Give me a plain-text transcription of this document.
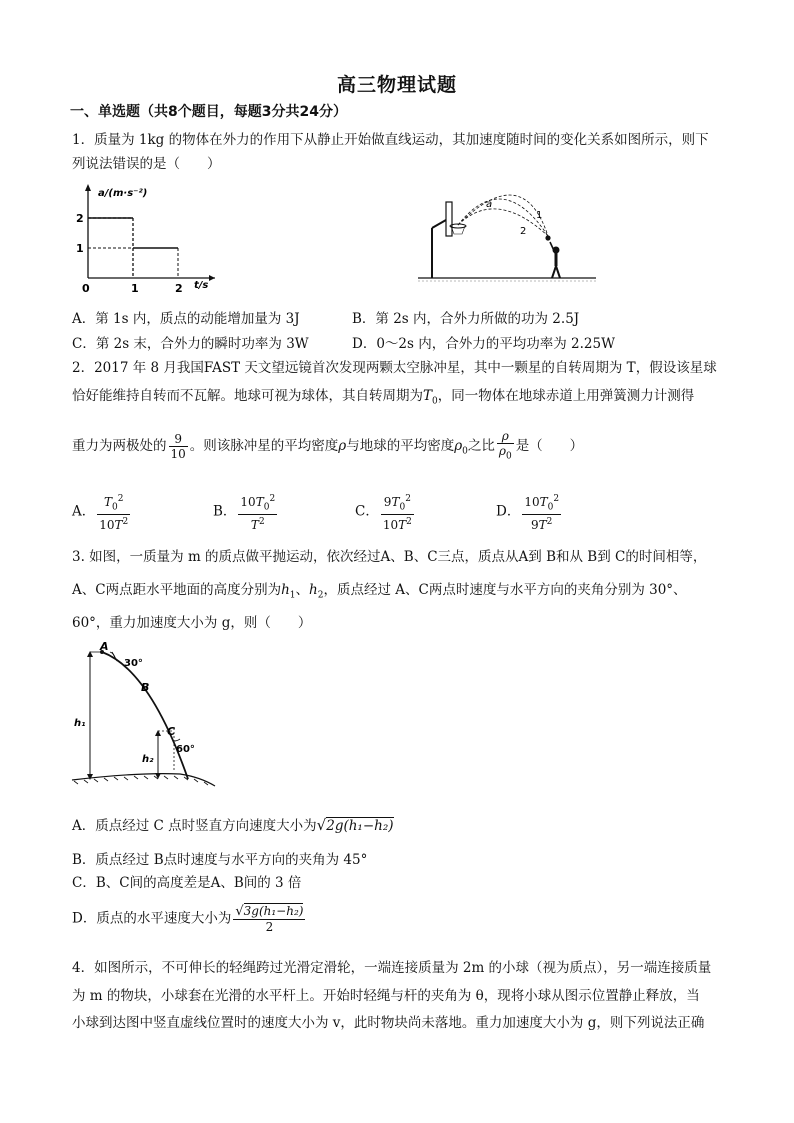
高三物理试题
一、单选题（共8个题目，每题3分共24分）
1．质量为 1kg 的物体在外力的作用下从静止开始做直线运动，其加速度随时间的变化关系如图所示，则下
列说法错误的是（　　）
a/(m·s⁻²)
t/s
2
1
0	1	2
a
1
2
A．第 1s 内，质点的动能增加量为 3J	B．第 2s 内，合外力所做的功为 2.5J
C．第 2s 末，合外力的瞬时功率为 3W	D．0～2s 内，合外力的平均功率为 2.25W
2．2017 年 8 月我国FAST 天文望远镜首次发现两颗太空脉冲星，其中一颗星的自转周期为 T，假设该星球
恰好能维持自转而不瓦解。地球可视为球体，其自转周期为$T_0$，同一物体在地球赤道上用弹簧测力计测得
重力为两极处的 $\frac{9}{10}$ 。则该脉冲星的平均密度ρ与地球的平均密度$\rho_0$之比 $\frac{\rho}{\rho_0}$ 是（　　）
A． $\frac{T_0^2}{10T^2}$	B． $\frac{10T_0^2}{T^2}$	C． $\frac{9T_0^2}{10T^2}$	D． $\frac{10T_0^2}{9T^2}$
3. 如图，一质量为 m 的质点做平抛运动，依次经过A、B、C三点，质点从A到 B和从 B到 C的时间相等，
A、C两点距水平地面的高度分别为$h_1$、$h_2$，质点经过 A、C两点时速度与水平方向的夹角分别为 30°、
60°，重力加速度大小为 g，则（　　）
A
30°
B
C
60°
h₁
h₂
A．质点经过 C 点时竖直方向速度大小为√2g(h₁−h₂)
B．质点经过 B点时速度与水平方向的夹角为 45°
C．B、C间的高度差是A、B间的 3 倍
D．质点的水平速度大小为 $\frac{\text{√3g(h₁−h₂)}}{2}$
4．如图所示，不可伸长的轻绳跨过光滑定滑轮，一端连接质量为 2m 的小球（视为质点），另一端连接质量
为 m 的物块，小球套在光滑的水平杆上。开始时轻绳与杆的夹角为 θ，现将小球从图示位置静止释放，当
小球到达图中竖直虚线位置时的速度大小为 v，此时物块尚未落地。重力加速度大小为 g，则下列说法正确
